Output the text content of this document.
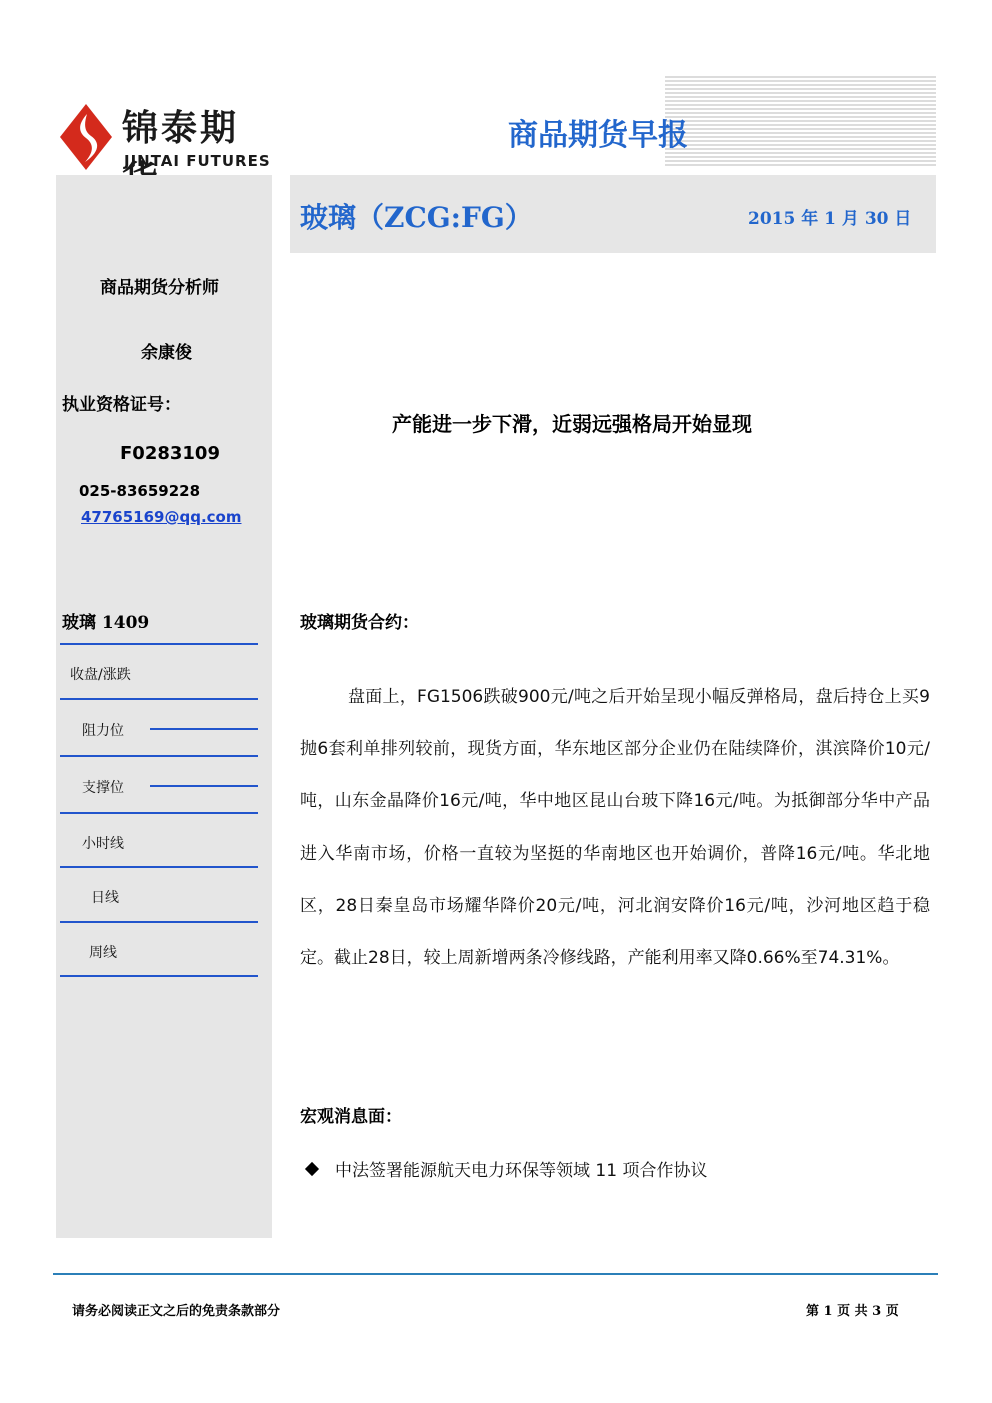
锦泰期
JINTAI FUTURES
商品期货早报
玻璃（ZCG:FG）	2015 年 1 月 30 日
商品期货分析师
余康俊
执业资格证号：
F0283109
025-83659228
47765169@qq.com
玻璃 1409
收盘/涨跌
阻力位
支撑位
小时线
日线
周线
产能进一步下滑，近弱远强格局开始显现
玻璃期货合约：

盘面上，FG1506跌破900元/吨之后开始呈现小幅反弹格局，盘后持仓上买9抛6套利单排列较前，现货方面，华东地区部分企业仍在陆续降价，淇滨降价10元/吨，山东金晶降价16元/吨，华中地区昆山台玻下降16元/吨。为抵御部分华中产品进入华南市场，价格一直较为坚挺的华南地区也开始调价，普降16元/吨。华北地区，28日秦皇岛市场耀华降价20元/吨，河北润安降价16元/吨，沙河地区趋于稳定。截止28日，较上周新增两条冷修线路，产能利用率又降0.66%至74.31%。

宏观消息面：
中法签署能源航天电力环保等领域 11 项合作协议
请务必阅读正文之后的免责条款部分	第 1 页 共 3 页
